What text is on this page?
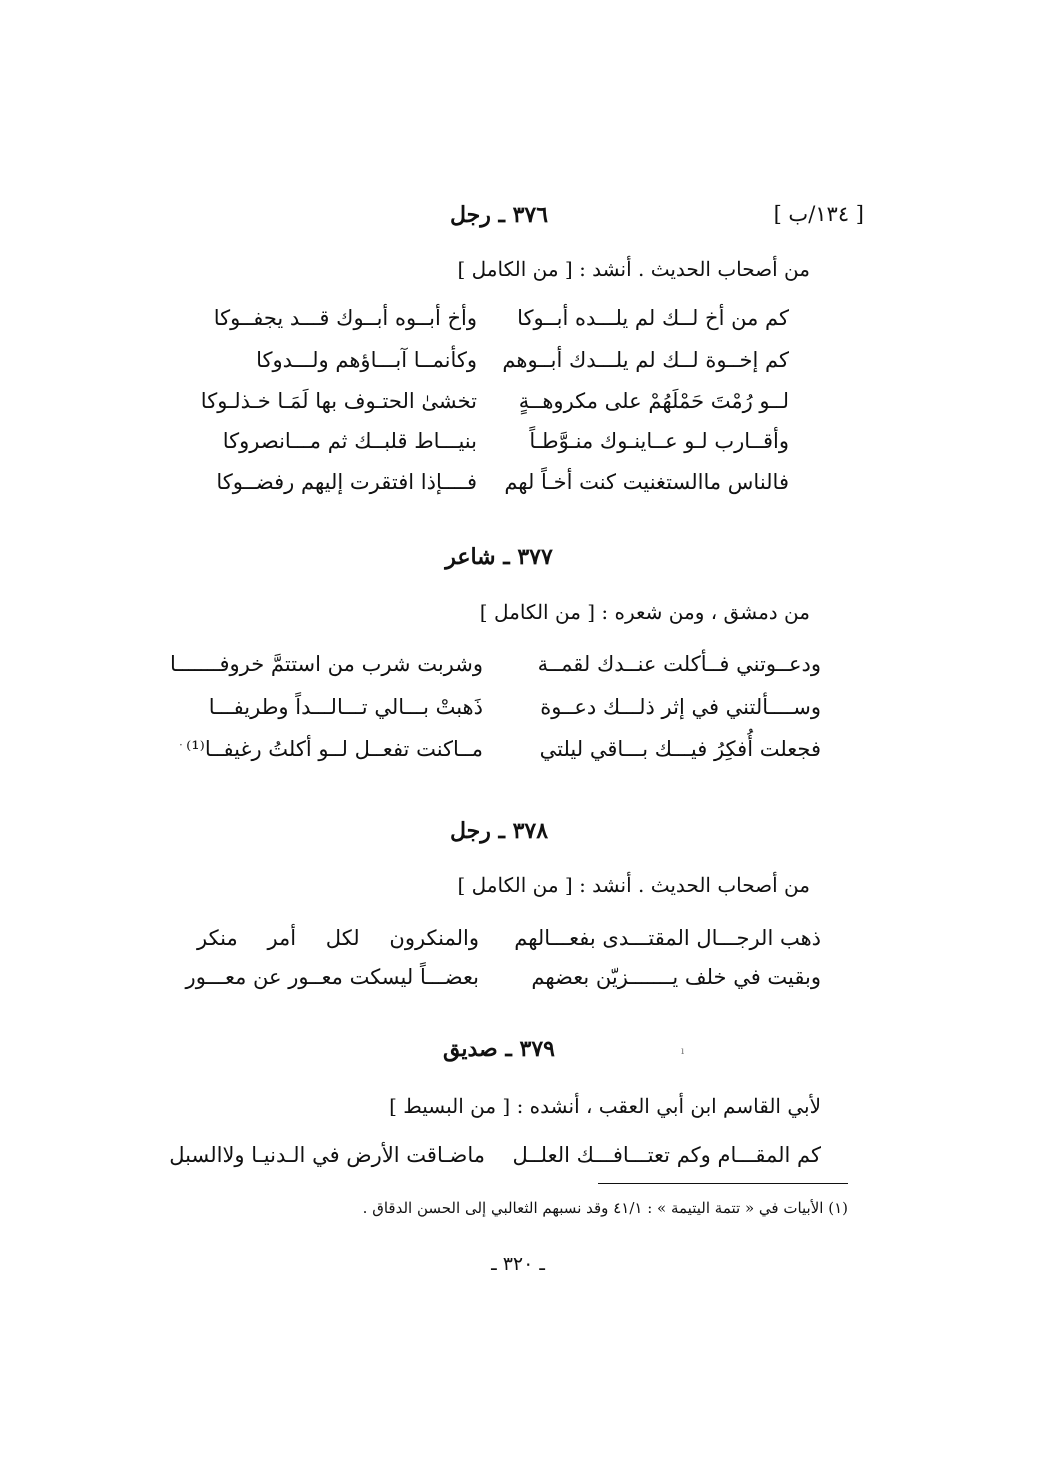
[ ١٣٤/ب ]
٣٧٦ ـ رجل
من أصحاب الحديث . أنشد : [ من الكامل ]
كم من أخ لــك لم يلـــده أبــوكا
وأخ أبــوه أبــوك قـــد يجفــوكا
كم إخــوة لــك لم يلـــدك أبــوهم
وكأنمــا آبـــاؤهم ولـــدوكا
لــو رُمْتَ حَمْلَهُمْ على مكروهــةٍ
تخشىٰ الحتـوف بها لَمَـا خـذلـوكا
وأقــارب لـو عــاينـوك منـوَّطـاً
بنيـــاط قلبــك ثم مـــانصروكا
فالناس ماالستغنيت كنت أخـاً لهم
فــــإذا افتقرت إليهم رفضــوكا
٣٧٧ ـ شاعر
من دمشق ، ومن شعره : [ من الكامل ]
ودعــوتني فــأكلت عنــدك لقمــة
وشربت شرب من استتمَّ خروفـــــــا
وســــألتني في إثر ذلـــك دعــوة
ذَهبتْ بـــالي تـــالـــداً وطريفـــا
فجعلت أُفكِرُ فيـــك بـــاقي ليلتي
مــاكنت تفعــل لــو أكلتُ رغيفــا⁽¹⁾
·
٣٧٨ ـ رجل
من أصحاب الحديث . أنشد : [ من الكامل ]
ذهب الرجـــال المقتـــدى بفعـــالهم
والمنكرون لكل أمر منكر
وبقيت في خلف يـــــــزيّن بعضهم
بعضـــاً ليسكت معــور عن معـــور
٣٧٩ ـ صديق	ı
لأبي القاسم ابن أبي العقب ، أنشده : [ من البسيط ]
كم المقـــام وكم تعتـــافـــك العلــل
ماضـاقت الأرض في الـدنيـا ولاالسبل
(١) الأبيات في « تتمة اليتيمة » : ٤١/١ وقد نسبهم الثعالبي إلى الحسن الدقاق .
ـ ٣٢٠ ـ
